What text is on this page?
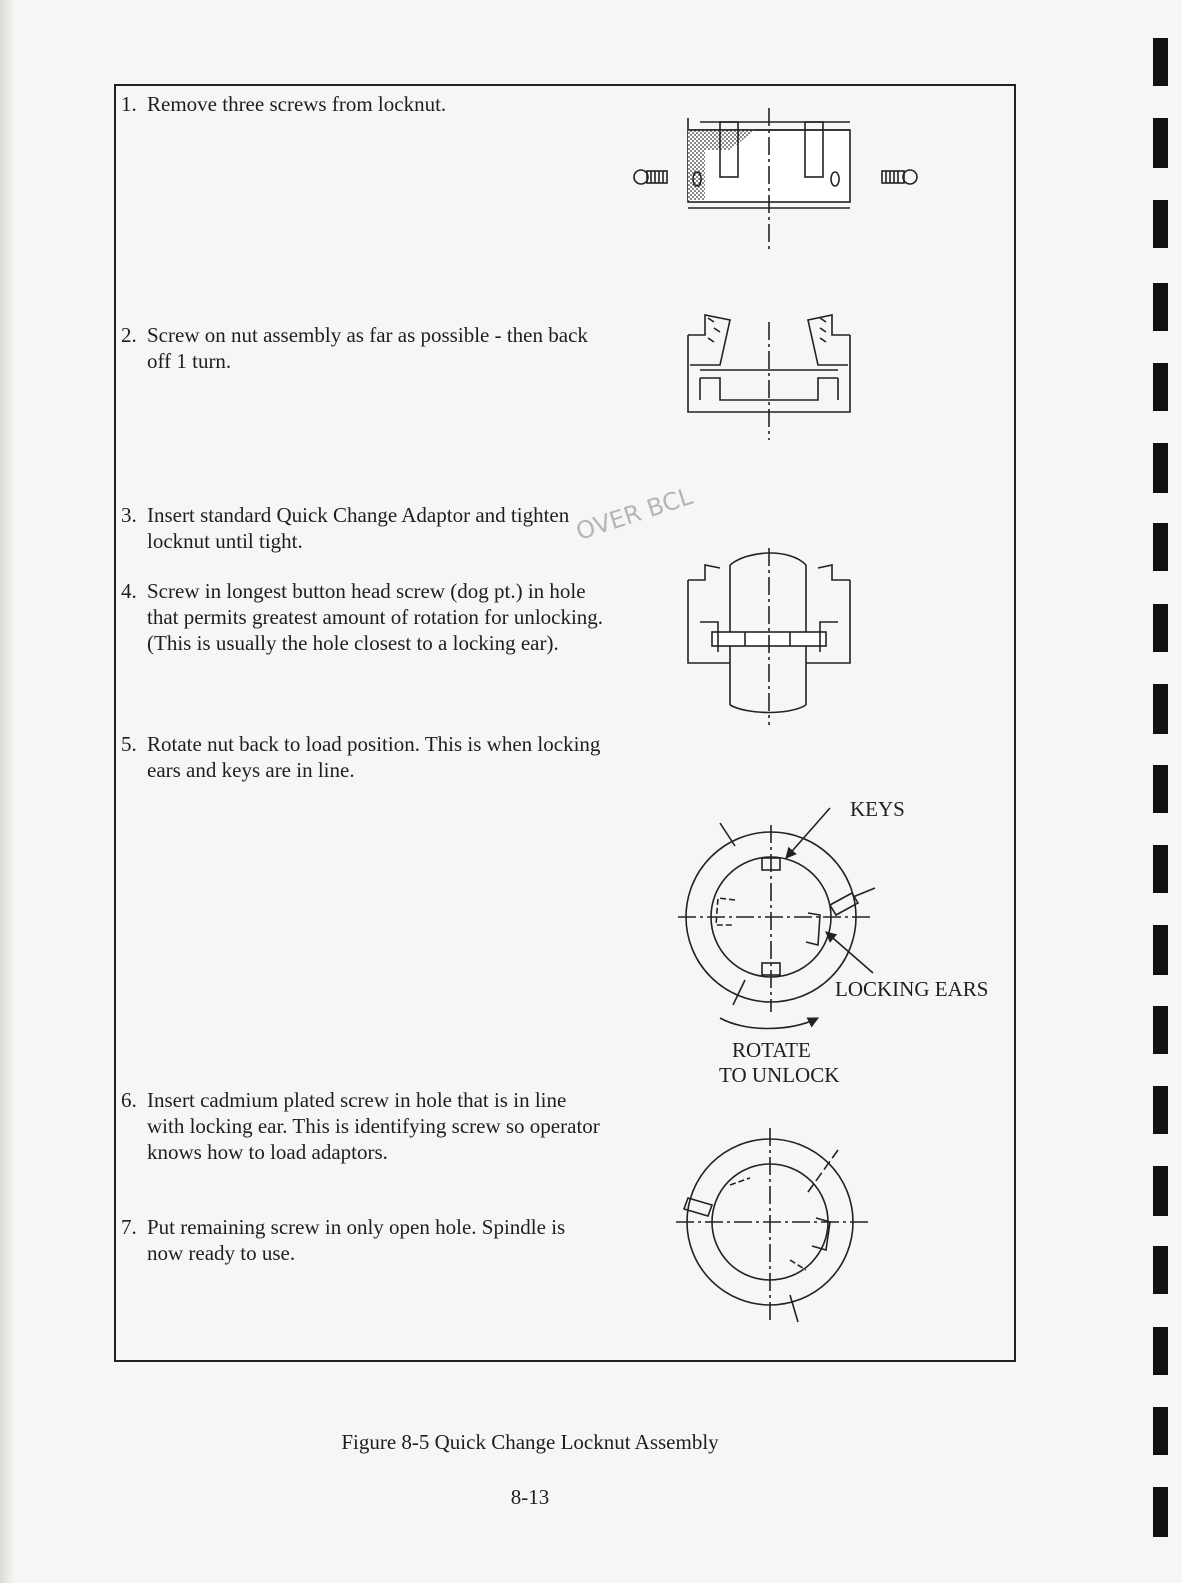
1. Remove three screws from locknut.
2. Screw on nut assembly as far as possible - then back
off 1 turn.
3. Insert standard Quick Change Adaptor and tighten
locknut until tight.
4. Screw in longest button head screw (dog pt.) in hole
that permits greatest amount of rotation for unlocking.
(This is usually the hole closest to a locking ear).
5. Rotate nut back to load position. This is when locking
ears and keys are in line.
6. Insert cadmium plated screw in hole that is in line
with locking ear. This is identifying screw so operator
knows how to load adaptors.
7. Put remaining screw in only open hole. Spindle is
now ready to use.
OVER BCL
KEYS
LOCKING EARS
ROTATE
TO UNLOCK
Figure 8-5 Quick Change Locknut Assembly
8-13
